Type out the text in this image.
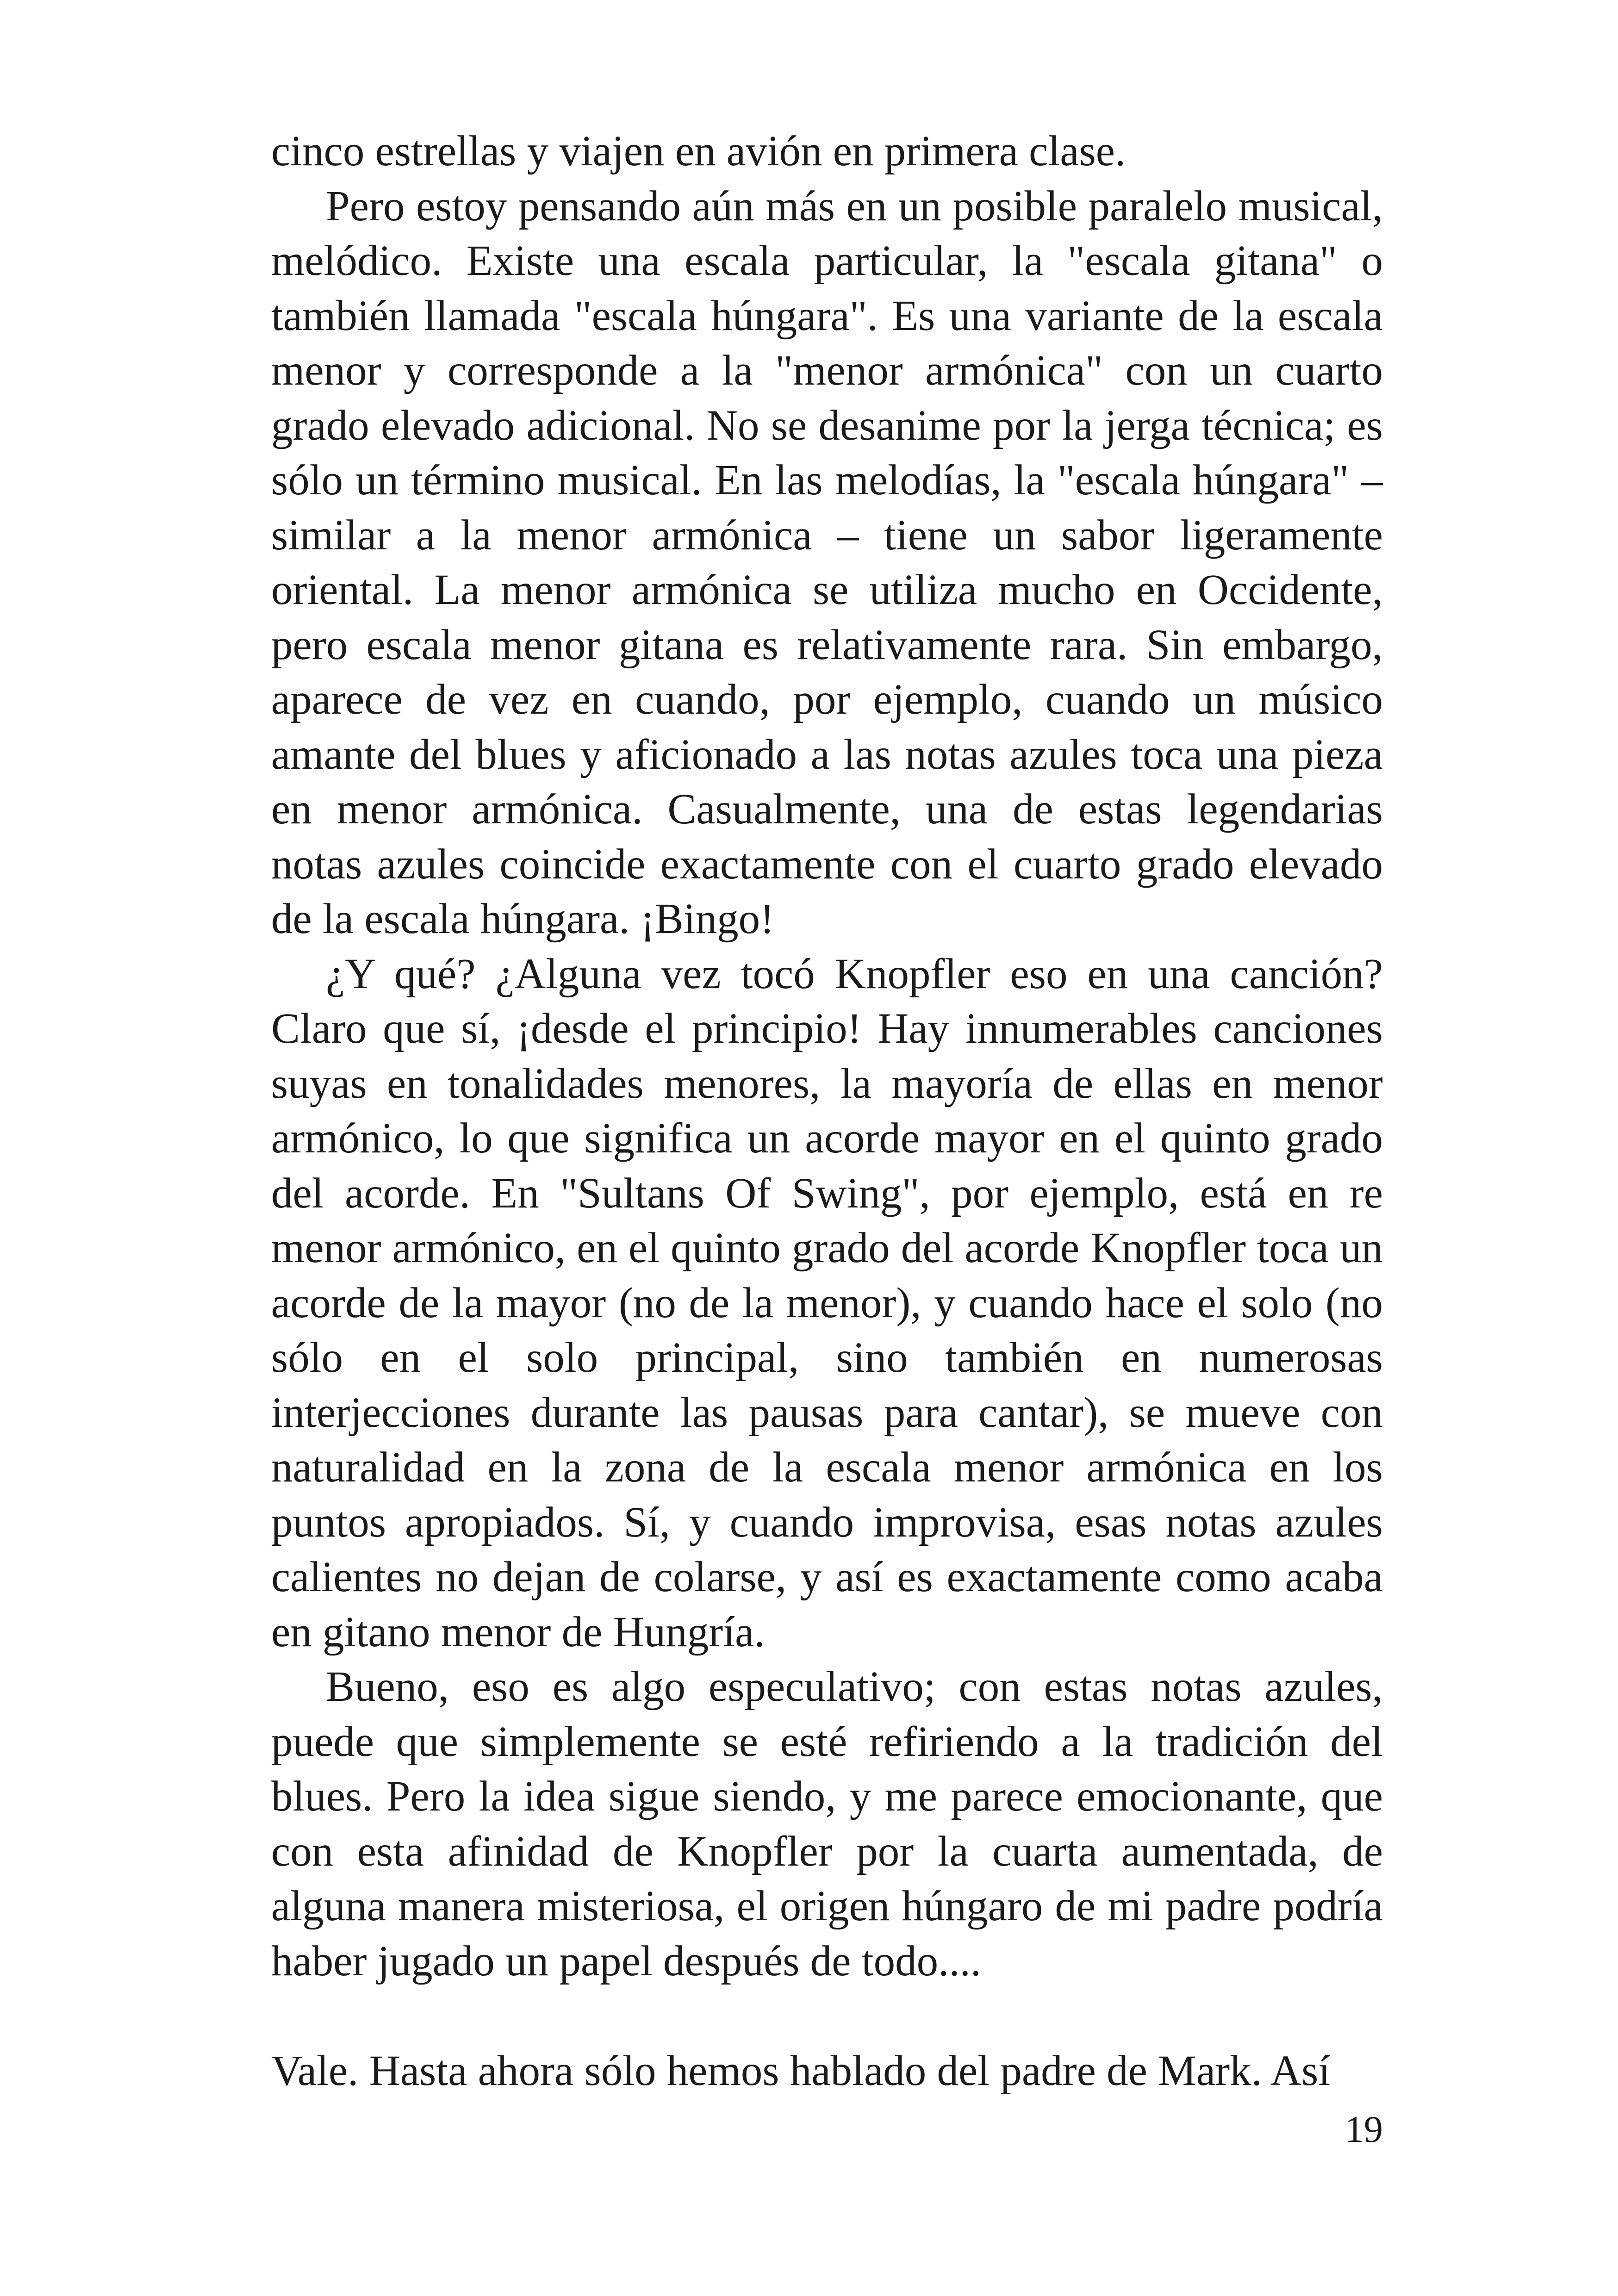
cinco estrellas y viajen en avión en primera clase.

Pero estoy pensando aún más en un posible paralelo musical, melódico. Existe una escala particular, la "escala gitana" o también llamada "escala húngara". Es una variante de la escala menor y corresponde a la "menor armónica" con un cuarto grado elevado adicional. No se desanime por la jerga técnica; es sólo un término musical. En las melodías, la "escala húngara" – similar a la menor armónica – tiene un sabor ligeramente oriental. La menor armónica se utiliza mucho en Occidente, pero escala menor gitana es relativamente rara. Sin embargo, aparece de vez en cuando, por ejemplo, cuando un músico amante del blues y aficionado a las notas azules toca una pieza en menor armónica. Casualmente, una de estas legendarias notas azules coincide exactamente con el cuarto grado elevado de la escala húngara. ¡Bingo!

¿Y qué? ¿Alguna vez tocó Knopfler eso en una canción? Claro que sí, ¡desde el principio! Hay innumerables canciones suyas en tonalidades menores, la mayoría de ellas en menor armónico, lo que significa un acorde mayor en el quinto grado del acorde. En "Sultans Of Swing", por ejemplo, está en re menor armónico, en el quinto grado del acorde Knopfler toca un acorde de la mayor (no de la menor), y cuando hace el solo (no sólo en el solo principal, sino también en numerosas interjecciones durante las pausas para cantar), se mueve con naturalidad en la zona de la escala menor armónica en los puntos apropiados. Sí, y cuando improvisa, esas notas azules calientes no dejan de colarse, y así es exactamente como acaba en gitano menor de Hungría.

Bueno, eso es algo especulativo; con estas notas azules, puede que simplemente se esté refiriendo a la tradición del blues. Pero la idea sigue siendo, y me parece emocionante, que con esta afinidad de Knopfler por la cuarta aumentada, de alguna manera misteriosa, el origen húngaro de mi padre podría haber jugado un papel después de todo....

Vale. Hasta ahora sólo hemos hablado del padre de Mark. Así

19
